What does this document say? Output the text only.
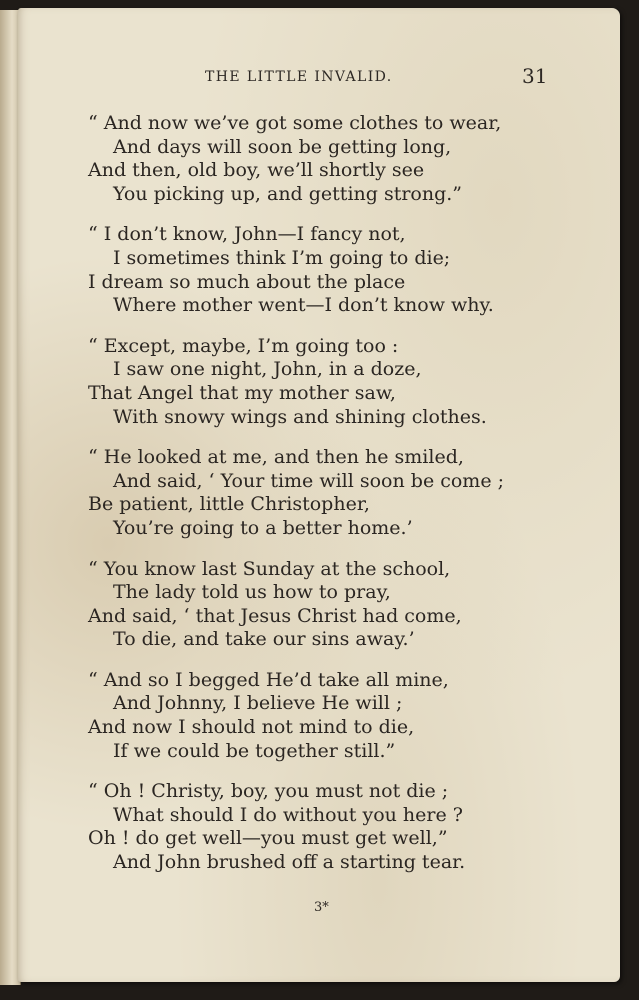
THE LITTLE INVALID.	31
“ And now we’ve got some clothes to wear,
And days will soon be getting long,
And then, old boy, we’ll shortly see
You picking up, and getting strong.”
“ I don’t know, John—I fancy not,
I sometimes think I’m going to die;
I dream so much about the place
Where mother went—I don’t know why.
“ Except, maybe, I’m going too :
I saw one night, John, in a doze,
That Angel that my mother saw,
With snowy wings and shining clothes.
“ He looked at me, and then he smiled,
And said, ‘ Your time will soon be come ;
Be patient, little Christopher,
You’re going to a better home.’
“ You know last Sunday at the school,
The lady told us how to pray,
And said, ‘ that Jesus Christ had come,
To die, and take our sins away.’
“ And so I begged He’d take all mine,
And Johnny, I believe He will ;
And now I should not mind to die,
If we could be together still.”
“ Oh ! Christy, boy, you must not die ;
What should I do without you here ?
Oh ! do get well—you must get well,”
And John brushed off a starting tear.
3*
